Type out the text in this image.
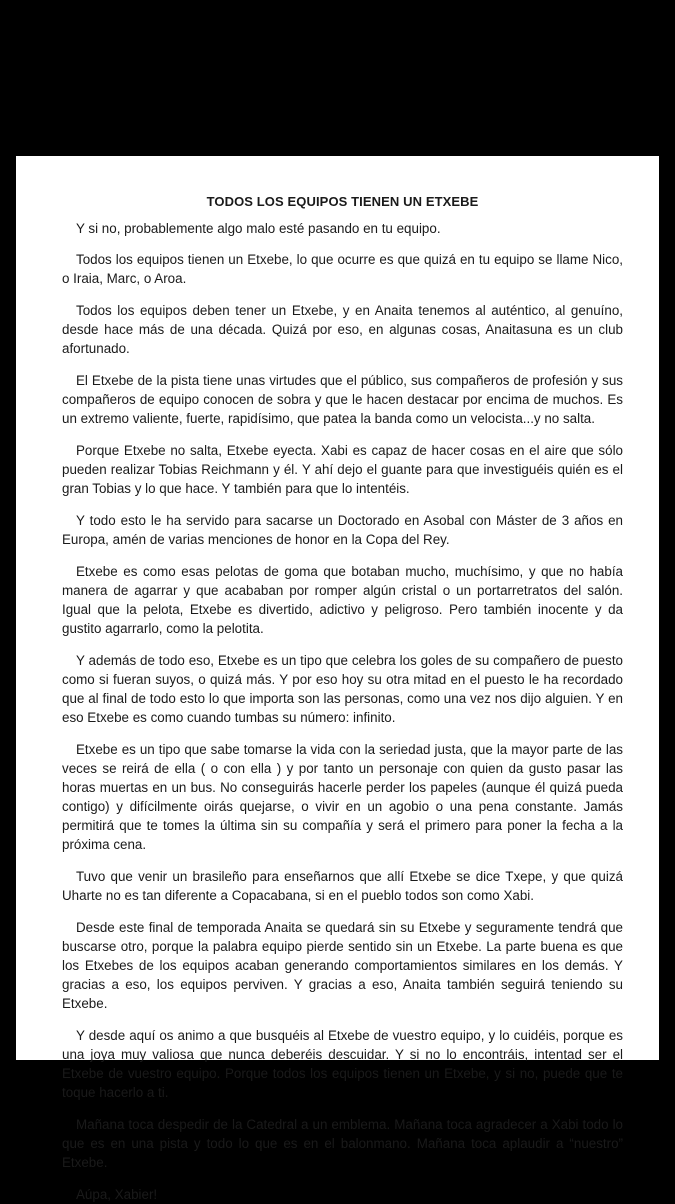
TODOS LOS EQUIPOS TIENEN UN ETXEBE

Y si no, probablemente algo malo esté pasando en tu equipo.

Todos los equipos tienen un Etxebe, lo que ocurre es que quizá en tu equipo se llame Nico, o Iraia, Marc, o Aroa.

Todos los equipos deben tener un Etxebe, y en Anaita tenemos al auténtico, al genuíno, desde hace más de una década. Quizá por eso, en algunas cosas, Anaitasuna es un club afortunado.

El Etxebe de la pista tiene unas virtudes que el público, sus compañeros de profesión y sus compañeros de equipo conocen de sobra y que le hacen destacar por encima de muchos. Es un extremo valiente, fuerte, rapidísimo, que patea la banda como un velocista...y no salta.

Porque Etxebe no salta, Etxebe eyecta. Xabi es capaz de hacer cosas en el aire que sólo pueden realizar Tobias Reichmann y él. Y ahí dejo el guante para que investiguéis quién es el gran Tobias y lo que hace. Y también para que lo intentéis.

Y todo esto le ha servido para sacarse un Doctorado en Asobal con Máster de 3 años en Europa, amén de varias menciones de honor en la Copa del Rey.

Etxebe es como esas pelotas de goma que botaban mucho, muchísimo, y que no había manera de agarrar y que acababan por romper algún cristal o un portarretratos del salón. Igual que la pelota, Etxebe es divertido, adictivo y peligroso. Pero también inocente y da gustito agarrarlo, como la pelotita.

Y además de todo eso, Etxebe es un tipo que celebra los goles de su compañero de puesto como si fueran suyos, o quizá más. Y por eso hoy su otra mitad en el puesto le ha recordado que al final de todo esto lo que importa son las personas, como una vez nos dijo alguien. Y en eso Etxebe es como cuando tumbas su número: infinito.

Etxebe es un tipo que sabe tomarse la vida con la seriedad justa, que la mayor parte de las veces se reirá de ella ( o con ella ) y por tanto un personaje con quien da gusto pasar las horas muertas en un bus. No conseguirás hacerle perder los papeles (aunque él quizá pueda contigo) y difícilmente oirás quejarse, o vivir en un agobio o una pena constante. Jamás permitirá que te tomes la última sin su compañía y será el primero para poner la fecha a la próxima cena.

Tuvo que venir un brasileño para enseñarnos que allí Etxebe se dice Txepe, y que quizá Uharte no es tan diferente a Copacabana, si en el pueblo todos son como Xabi.

Desde este final de temporada Anaita se quedará sin su Etxebe y seguramente tendrá que buscarse otro, porque la palabra equipo pierde sentido sin un Etxebe. La parte buena es que los Etxebes de los equipos acaban generando comportamientos similares en los demás. Y gracias a eso, los equipos perviven. Y gracias a eso, Anaita también seguirá teniendo su Etxebe.

Y desde aquí os animo a que busquéis al Etxebe de vuestro equipo, y lo cuidéis, porque es una joya muy valiosa que nunca deberéis descuidar. Y si no lo encontráis, intentad ser el Etxebe de vuestro equipo. Porque todos los equipos tienen un Etxebe, y si no, puede que te toque hacerlo a ti.

Mañana toca despedir de la Catedral a un emblema. Mañana toca agradecer a Xabi todo lo que es en una pista y todo lo que es en el balonmano. Mañana toca aplaudir a “nuestro” Etxebe.

Aúpa, Xabier!
